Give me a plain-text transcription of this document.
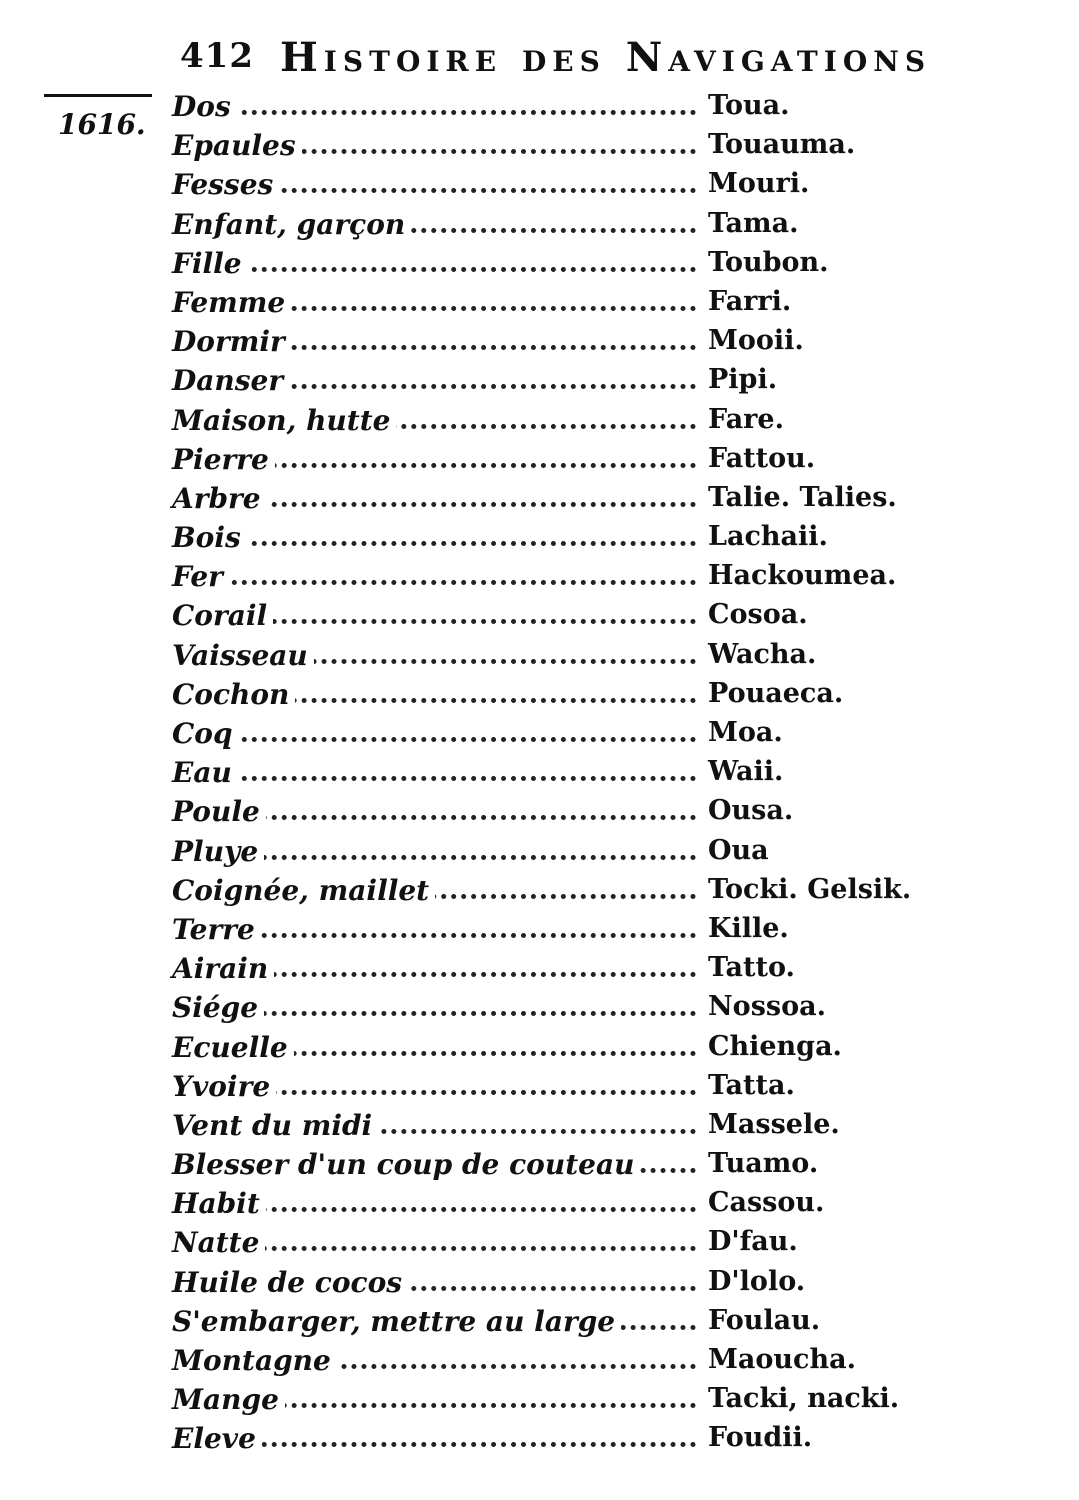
412 Histoire des Navigations
1616.
Dos	Toua.
Epaules	Touauma.
Fesses	Mouri.
Enfant, garçon	Tama.
Fille	Toubon.
Femme	Farri.
Dormir	Mooii.
Danser	Pipi.
Maison, hutte	Fare.
Pierre	Fattou.
Arbre	Talie. Talies.
Bois	Lachaii.
Fer	Hackoumea.
Corail	Cosoa.
Vaisseau	Wacha.
Cochon	Pouaeca.
Coq	Moa.
Eau	Waii.
Poule	Ousa.
Pluye	Oua
Coignée, maillet	Tocki. Gelsik.
Terre	Kille.
Airain	Tatto.
Siége	Nossoa.
Ecuelle	Chienga.
Yvoire	Tatta.
Vent du midi	Massele.
Blesser d'un coup de couteau	Tuamo.
Habit	Cassou.
Natte	D'fau.
Huile de cocos	D'lolo.
S'embarger, mettre au large	Foulau.
Montagne	Maoucha.
Mange	Tacki, nacki.
Eleve	Foudii.
